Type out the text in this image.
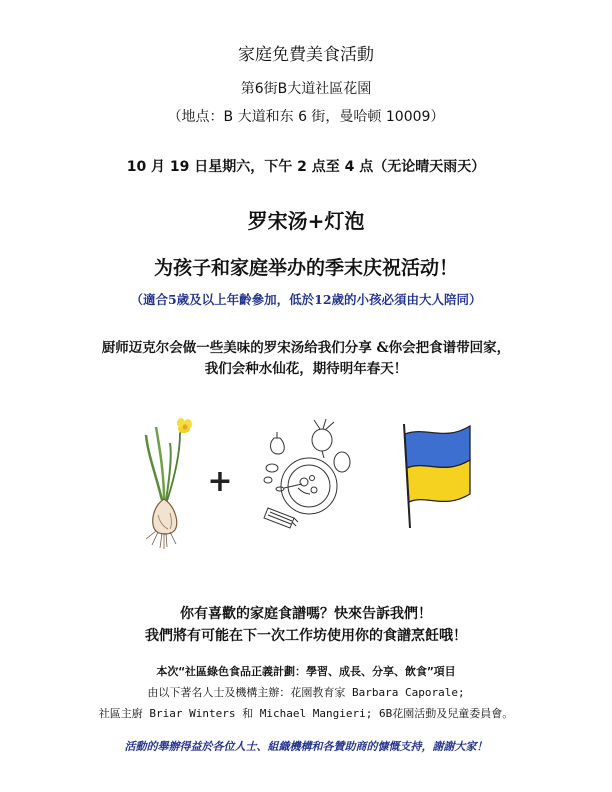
家庭免費美食活動
第6街B大道社區花園
（地点：B 大道和东 6 街，曼哈顿 10009）
10 月 19 日星期六，下午 2 点至 4 点（无论晴天雨天）
罗宋汤+灯泡
为孩子和家庭举办的季末庆祝活动！
（適合5歲及以上年齡參加，低於12歲的小孩必須由大人陪同）
厨师迈克尔会做一些美味的罗宋汤给我们分享 &你会把食谱带回家，
我们会种水仙花，期待明年春天！
+
你有喜歡的家庭食譜嗎？快來告訴我們！
我們將有可能在下一次工作坊使用你的食譜烹飪哦！
本次“社區綠色食品正義計劃：學習、成長、分享、飲食”項目
由以下著名人士及機構主辦：花園教育家 Barbara Caporale;
社區主廚 Briar Winters 和 Michael Mangieri; 6B花園活動及兒童委員會。
活動的舉辦得益於各位人士、組織機構和各贊助商的慷慨支持，謝謝大家！
